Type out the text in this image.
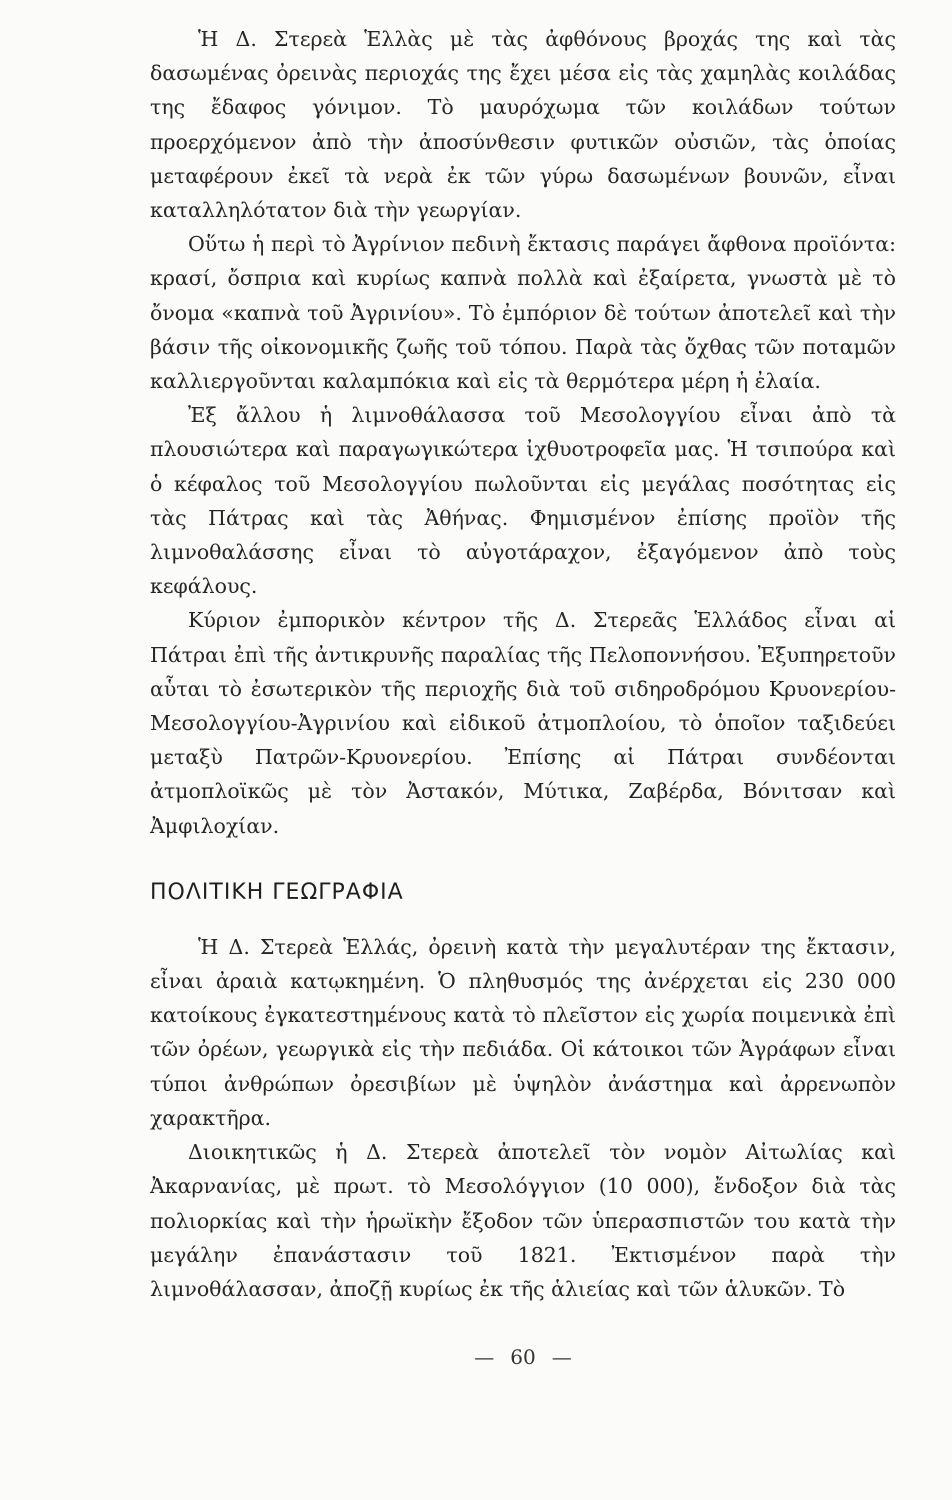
Ἡ Δ. Στερεὰ Ἑλλὰς μὲ τὰς ἀφθόνους βροχάς της καὶ τὰς δασωμένας ὀρεινὰς περιοχάς της ἔχει μέσα εἰς τὰς χαμηλὰς κοιλάδας της ἔδαφος γόνιμον. Τὸ μαυρόχωμα τῶν κοιλάδων τούτων προερχόμενον ἀπὸ τὴν ἀποσύνθεσιν φυτικῶν οὐσιῶν, τὰς ὁποίας μεταφέρουν ἐκεῖ τὰ νερὰ ἐκ τῶν γύρω δασωμένων βουνῶν, εἶναι καταλληλότατον διὰ τὴν γεωργίαν.

Οὕτω ἡ περὶ τὸ Ἀγρίνιον πεδινὴ ἔκτασις παράγει ἄφθονα προϊόντα: κρασί, ὄσπρια καὶ κυρίως καπνὰ πολλὰ καὶ ἐξαίρετα, γνωστὰ μὲ τὸ ὄνομα «καπνὰ τοῦ Ἀγρινίου». Τὸ ἐμπόριον δὲ τούτων ἀποτελεῖ καὶ τὴν βάσιν τῆς οἰκονομικῆς ζωῆς τοῦ τόπου. Παρὰ τὰς ὄχθας τῶν ποταμῶν καλλιεργοῦνται καλαμπόκια καὶ εἰς τὰ θερμότερα μέρη ἡ ἐλαία.

Ἐξ ἄλλου ἡ λιμνοθάλασσα τοῦ Μεσολογγίου εἶναι ἀπὸ τὰ πλουσιώτερα καὶ παραγωγικώτερα ἰχθυοτροφεῖα μας. Ἡ τσιπούρα καὶ ὁ κέφαλος τοῦ Μεσολογγίου πωλοῦνται εἰς μεγάλας ποσότητας εἰς τὰς Πάτρας καὶ τὰς Ἀθήνας. Φημισμένον ἐπίσης προϊὸν τῆς λιμνοθαλάσσης εἶναι τὸ αὐγοτάραχον, ἐξαγόμενον ἀπὸ τοὺς κεφάλους.

Κύριον ἐμπορικὸν κέντρον τῆς Δ. Στερεᾶς Ἑλλάδος εἶναι αἱ Πάτραι ἐπὶ τῆς ἀντικρυνῆς παραλίας τῆς Πελοποννήσου. Ἐξυπηρετοῦν αὗται τὸ ἐσωτερικὸν τῆς περιοχῆς διὰ τοῦ σιδηροδρόμου Κρυονερίου-Μεσολογγίου-Ἀγρινίου καὶ εἰδικοῦ ἀτμοπλοίου, τὸ ὁποῖον ταξιδεύει μεταξὺ Πατρῶν-Κρυονερίου. Ἐπίσης αἱ Πάτραι συνδέονται ἀτμοπλοϊκῶς μὲ τὸν Ἀστακόν, Μύτικα, Ζαβέρδα, Βόνιτσαν καὶ Ἀμφιλοχίαν.

ΠΟΛΙΤΙΚΗ ΓΕΩΓΡΑΦΙΑ

Ἡ Δ. Στερεὰ Ἑλλάς, ὀρεινὴ κατὰ τὴν μεγαλυτέραν της ἔκτασιν, εἶναι ἀραιὰ κατῳκημένη. Ὁ πληθυσμός της ἀνέρχεται εἰς 230 000 κατοίκους ἐγκατεστημένους κατὰ τὸ πλεῖστον εἰς χωρία ποιμενικὰ ἐπὶ τῶν ὀρέων, γεωργικὰ εἰς τὴν πεδιάδα. Οἱ κάτοικοι τῶν Ἀγράφων εἶναι τύποι ἀνθρώπων ὀρεσιβίων μὲ ὑψηλὸν ἀνάστημα καὶ ἀρρενωπὸν χαρακτῆρα.

Διοικητικῶς ἡ Δ. Στερεὰ ἀποτελεῖ τὸν νομὸν Αἰτωλίας καὶ Ἀκαρνανίας, μὲ πρωτ. τὸ Μεσολόγγιον (10 000), ἔνδοξον διὰ τὰς πολιορκίας καὶ τὴν ἡρωϊκὴν ἔξοδον τῶν ὑπερασπιστῶν του κατὰ τὴν μεγάλην ἐπανάστασιν τοῦ 1821. Ἐκτισμένον παρὰ τὴν λιμνοθάλασσαν, ἀποζῇ κυρίως ἐκ τῆς ἁλιείας καὶ τῶν ἁλυκῶν. Τὸ

— 60 —
